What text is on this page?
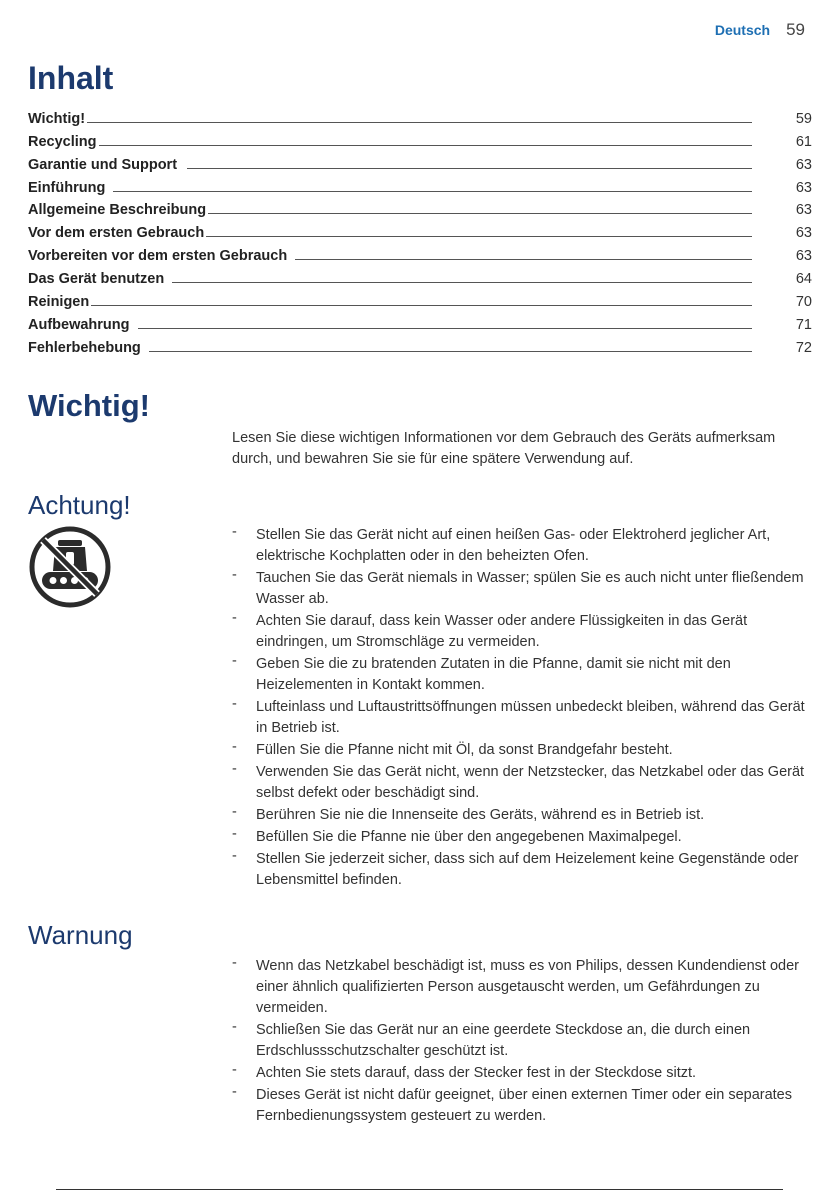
Deutsch 59
Inhalt
Wichtig!	59
Recycling	61
Garantie und Support	63
Einführung	63
Allgemeine Beschreibung	63
Vor dem ersten Gebrauch	63
Vorbereiten vor dem ersten Gebrauch	63
Das Gerät benutzen	64
Reinigen	70
Aufbewahrung	71
Fehlerbehebung	72
Wichtig!

Lesen Sie diese wichtigen Informationen vor dem Gebrauch des Geräts aufmerksam durch, und bewahren Sie sie für eine spätere Verwendung auf.

Achtung!
- Stellen Sie das Gerät nicht auf einen heißen Gas- oder Elektroherd jeglicher Art, elektrische Kochplatten oder in den beheizten Ofen.
- Tauchen Sie das Gerät niemals in Wasser; spülen Sie es auch nicht unter fließendem Wasser ab.
- Achten Sie darauf, dass kein Wasser oder andere Flüssigkeiten in das Gerät eindringen, um Stromschläge zu vermeiden.
- Geben Sie die zu bratenden Zutaten in die Pfanne, damit sie nicht mit den Heizelementen in Kontakt kommen.
- Lufteinlass und Luftaustrittsöffnungen müssen unbedeckt bleiben, während das Gerät in Betrieb ist.
- Füllen Sie die Pfanne nicht mit Öl, da sonst Brandgefahr besteht.
- Verwenden Sie das Gerät nicht, wenn der Netzstecker, das Netzkabel oder das Gerät selbst defekt oder beschädigt sind.
- Berühren Sie nie die Innenseite des Geräts, während es in Betrieb ist.
- Befüllen Sie die Pfanne nie über den angegebenen Maximalpegel.
- Stellen Sie jederzeit sicher, dass sich auf dem Heizelement keine Gegenstände oder Lebensmittel befinden.
Warnung
- Wenn das Netzkabel beschädigt ist, muss es von Philips, dessen Kundendienst oder einer ähnlich qualifizierten Person ausgetauscht werden, um Gefährdungen zu vermeiden.
- Schließen Sie das Gerät nur an eine geerdete Steckdose an, die durch einen Erdschlussschutzschalter geschützt ist.
- Achten Sie stets darauf, dass der Stecker fest in der Steckdose sitzt.
- Dieses Gerät ist nicht dafür geeignet, über einen externen Timer oder ein separates Fernbedienungssystem gesteuert zu werden.
